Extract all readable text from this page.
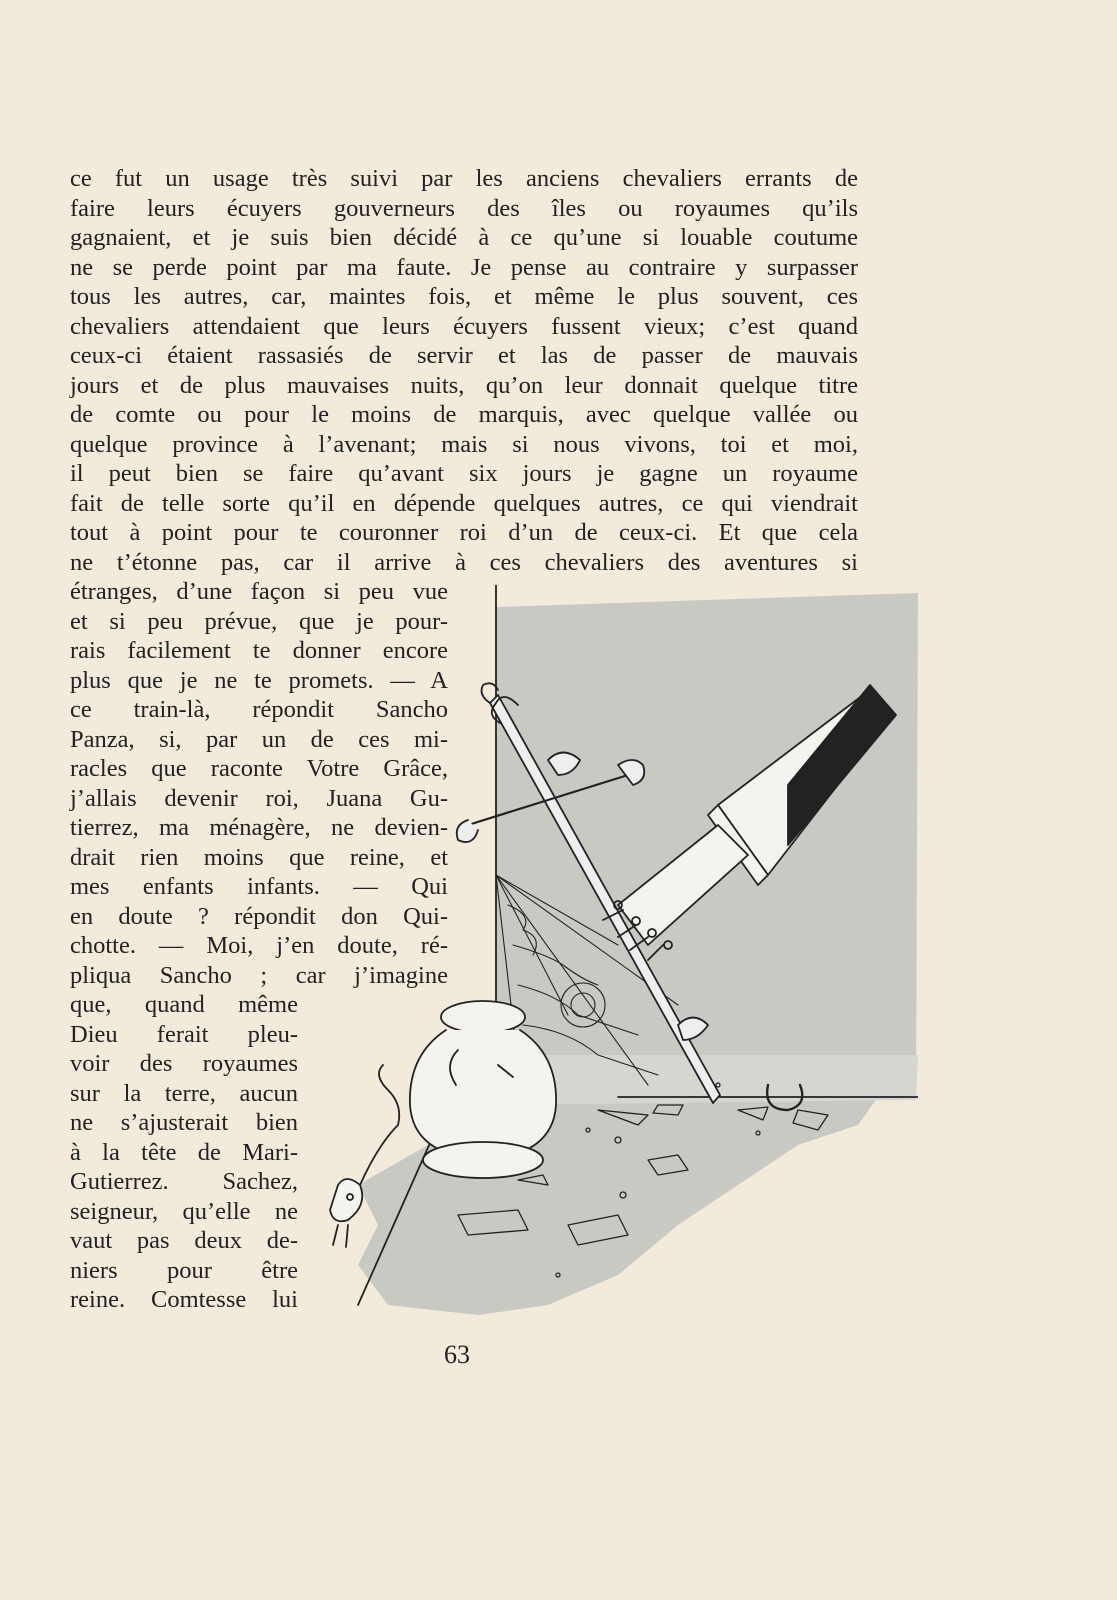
ce fut un usage très suivi par les anciens chevaliers errants de
faire leurs écuyers gouverneurs des îles ou royaumes qu’ils
gagnaient, et je suis bien décidé à ce qu’une si louable coutume
ne se perde point par ma faute. Je pense au contraire y surpasser
tous les autres, car, maintes fois, et même le plus souvent, ces
chevaliers attendaient que leurs écuyers fussent vieux; c’est quand
ceux-ci étaient rassasiés de servir et las de passer de mauvais
jours et de plus mauvaises nuits, qu’on leur donnait quelque titre
de comte ou pour le moins de marquis, avec quelque vallée ou
quelque province à l’avenant; mais si nous vivons, toi et moi,
il peut bien se faire qu’avant six jours je gagne un royaume
fait de telle sorte qu’il en dépende quelques autres, ce qui viendrait
tout à point pour te couronner roi d’un de ceux-ci. Et que cela
ne t’étonne pas, car il arrive à ces chevaliers des aventures si
étranges, d’une façon si peu vue
et si peu prévue, que je pour-
rais facilement te donner encore
plus que je ne te promets. — A
ce train-là, répondit Sancho
Panza, si, par un de ces mi-
racles que raconte Votre Grâce,
j’allais devenir roi, Juana Gu-
tierrez, ma ménagère, ne devien-
drait rien moins que reine, et
mes enfants infants. — Qui
en doute ? répondit don Qui-
chotte. — Moi, j’en doute, ré-
pliqua Sancho ; car j’imagine
que, quand même
Dieu ferait pleu-
voir des royaumes
sur la terre, aucun
ne s’ajusterait bien
à la tête de Mari-
Gutierrez. Sachez,
seigneur, qu’elle ne
vaut pas deux de-
niers pour être
reine. Comtesse lui
63
